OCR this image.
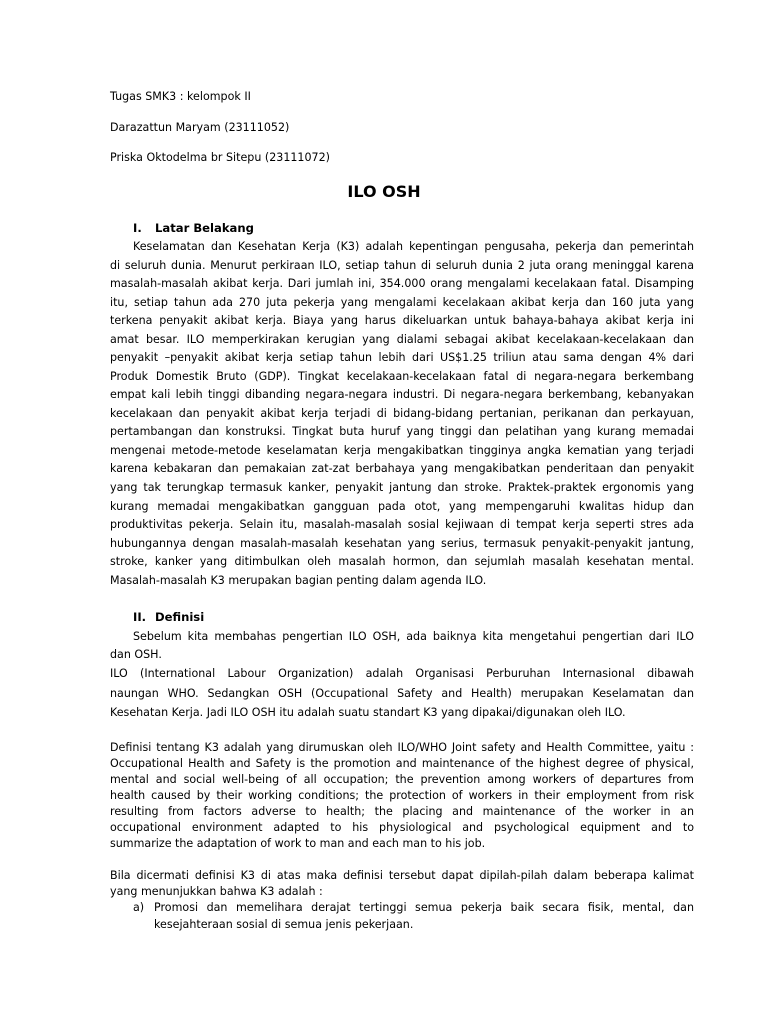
Tugas SMK3 : kelompok II
Darazattun Maryam (23111052)
Priska Oktodelma br Sitepu (23111072)
ILO OSH
I. Latar Belakang
Keselamatan dan Kesehatan Kerja (K3) adalah kepentingan pengusaha, pekerja dan pemerintah
di seluruh dunia. Menurut perkiraan ILO, setiap tahun di seluruh dunia 2 juta orang meninggal karena
masalah-masalah akibat kerja. Dari jumlah ini, 354.000 orang mengalami kecelakaan fatal. Disamping
itu, setiap tahun ada 270 juta pekerja yang mengalami kecelakaan akibat kerja dan 160 juta yang
terkena penyakit akibat kerja. Biaya yang harus dikeluarkan untuk bahaya-bahaya akibat kerja ini
amat besar. ILO memperkirakan kerugian yang dialami sebagai akibat kecelakaan-kecelakaan dan
penyakit –penyakit akibat kerja setiap tahun lebih dari US$1.25 triliun atau sama dengan 4% dari
Produk Domestik Bruto (GDP). Tingkat kecelakaan-kecelakaan fatal di negara-negara berkembang
empat kali lebih tinggi dibanding negara-negara industri. Di negara-negara berkembang, kebanyakan
kecelakaan dan penyakit akibat kerja terjadi di bidang-bidang pertanian, perikanan dan perkayuan,
pertambangan dan konstruksi. Tingkat buta huruf yang tinggi dan pelatihan yang kurang memadai
mengenai metode-metode keselamatan kerja mengakibatkan tingginya angka kematian yang terjadi
karena kebakaran dan pemakaian zat-zat berbahaya yang mengakibatkan penderitaan dan penyakit
yang tak terungkap termasuk kanker, penyakit jantung dan stroke. Praktek-praktek ergonomis yang
kurang memadai mengakibatkan gangguan pada otot, yang mempengaruhi kwalitas hidup dan
produktivitas pekerja. Selain itu, masalah-masalah sosial kejiwaan di tempat kerja seperti stres ada
hubungannya dengan masalah-masalah kesehatan yang serius, termasuk penyakit-penyakit jantung,
stroke, kanker yang ditimbulkan oleh masalah hormon, dan sejumlah masalah kesehatan mental.
Masalah-masalah K3 merupakan bagian penting dalam agenda ILO.
II. Definisi
Sebelum kita membahas pengertian ILO OSH, ada baiknya kita mengetahui pengertian dari ILO
dan OSH.
ILO (International Labour Organization) adalah Organisasi Perburuhan Internasional dibawah
naungan WHO. Sedangkan OSH (Occupational Safety and Health) merupakan Keselamatan dan
Kesehatan Kerja. Jadi ILO OSH itu adalah suatu standart K3 yang dipakai/digunakan oleh ILO.
Definisi tentang K3 adalah yang dirumuskan oleh ILO/WHO Joint safety and Health Committee, yaitu :
Occupational Health and Safety is the promotion and maintenance of the highest degree of physical,
mental and social well-being of all occupation; the prevention among workers of departures from
health caused by their working conditions; the protection of workers in their employment from risk
resulting from factors adverse to health; the placing and maintenance of the worker in an
occupational environment adapted to his physiological and psychological equipment and to
summarize the adaptation of work to man and each man to his job.
Bila dicermati definisi K3 di atas maka definisi tersebut dapat dipilah-pilah dalam beberapa kalimat
yang menunjukkan bahwa K3 adalah :
a) Promosi dan memelihara derajat tertinggi semua pekerja baik secara fisik, mental, dan
kesejahteraan sosial di semua jenis pekerjaan.
